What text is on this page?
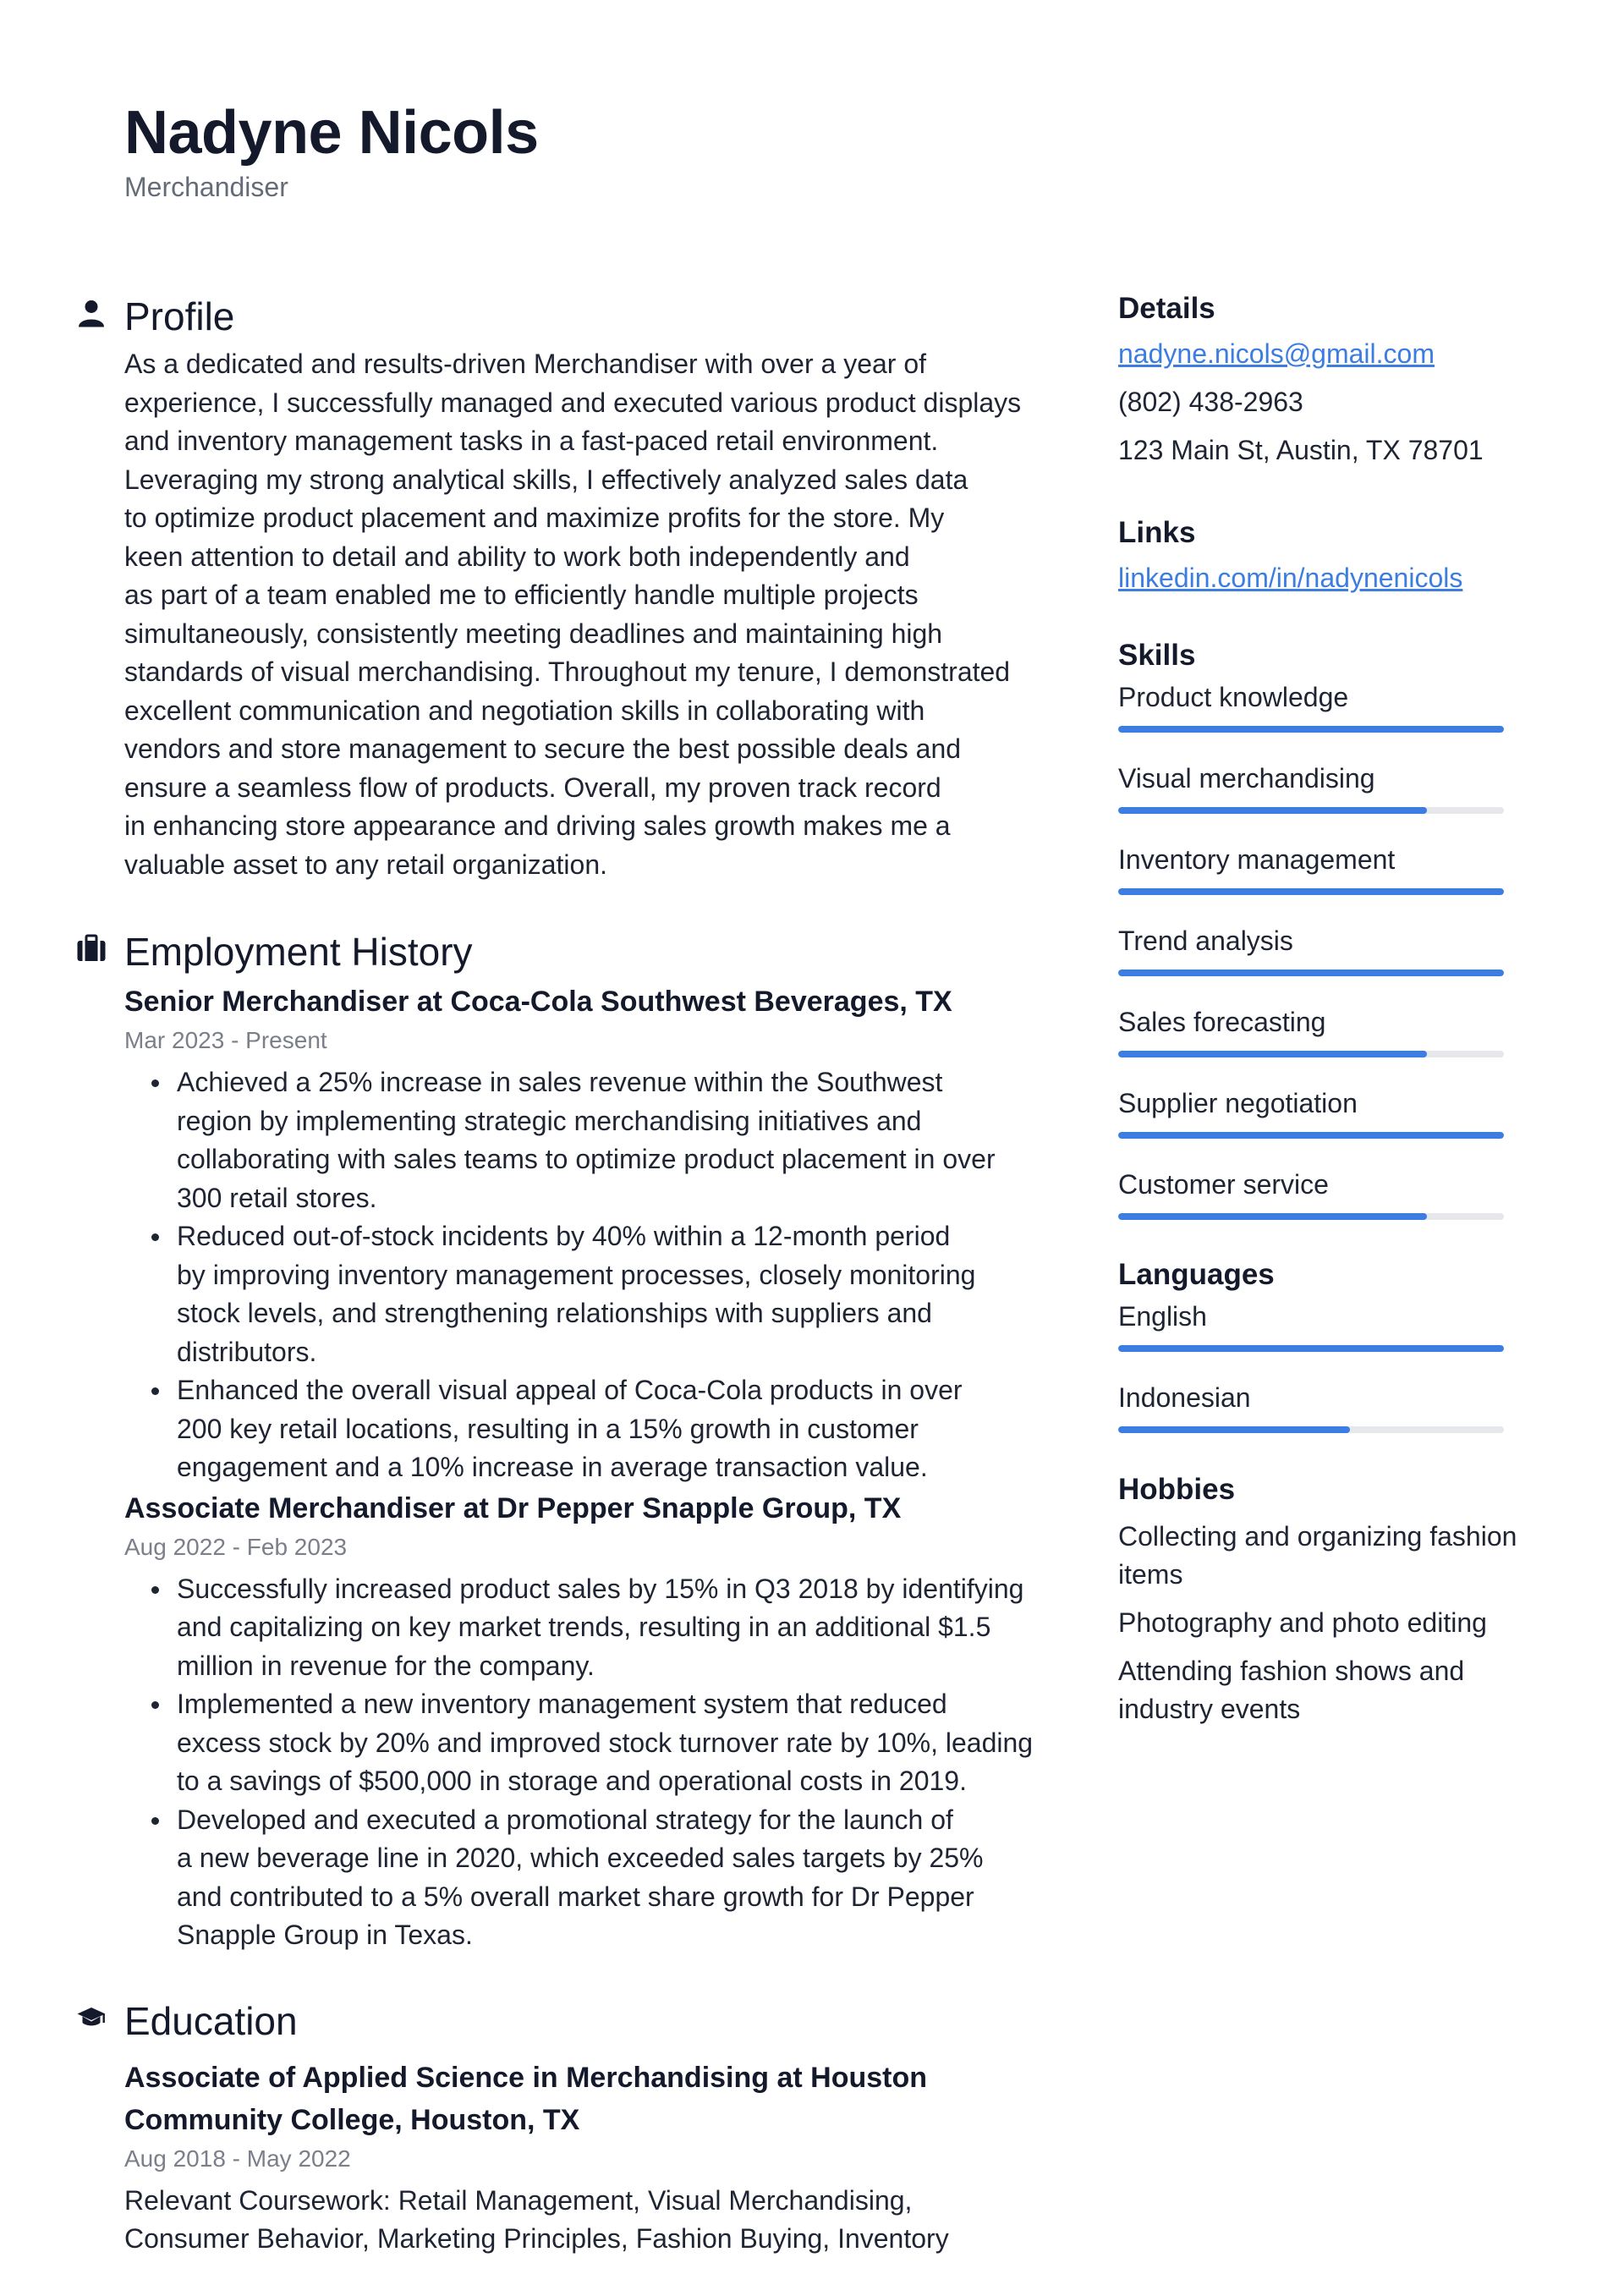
Nadyne Nicols
Merchandiser
Profile
As a dedicated and results-driven Merchandiser with over a year of
experience, I successfully managed and executed various product displays
and inventory management tasks in a fast-paced retail environment.
Leveraging my strong analytical skills, I effectively analyzed sales data
to optimize product placement and maximize profits for the store. My
keen attention to detail and ability to work both independently and
as part of a team enabled me to efficiently handle multiple projects
simultaneously, consistently meeting deadlines and maintaining high
standards of visual merchandising. Throughout my tenure, I demonstrated
excellent communication and negotiation skills in collaborating with
vendors and store management to secure the best possible deals and
ensure a seamless flow of products. Overall, my proven track record
in enhancing store appearance and driving sales growth makes me a
valuable asset to any retail organization.
Employment History
Senior Merchandiser at Coca-Cola Southwest Beverages, TX
Mar 2023 - Present
Achieved a 25% increase in sales revenue within the Southwest
region by implementing strategic merchandising initiatives and
collaborating with sales teams to optimize product placement in over
300 retail stores.
Reduced out-of-stock incidents by 40% within a 12-month period
by improving inventory management processes, closely monitoring
stock levels, and strengthening relationships with suppliers and
distributors.
Enhanced the overall visual appeal of Coca-Cola products in over
200 key retail locations, resulting in a 15% growth in customer
engagement and a 10% increase in average transaction value.
Associate Merchandiser at Dr Pepper Snapple Group, TX
Aug 2022 - Feb 2023
Successfully increased product sales by 15% in Q3 2018 by identifying
and capitalizing on key market trends, resulting in an additional $1.5
million in revenue for the company.
Implemented a new inventory management system that reduced
excess stock by 20% and improved stock turnover rate by 10%, leading
to a savings of $500,000 in storage and operational costs in 2019.
Developed and executed a promotional strategy for the launch of
a new beverage line in 2020, which exceeded sales targets by 25%
and contributed to a 5% overall market share growth for Dr Pepper
Snapple Group in Texas.
Education
Associate of Applied Science in Merchandising at Houston
Community College, Houston, TX
Aug 2018 - May 2022
Relevant Coursework: Retail Management, Visual Merchandising,
Consumer Behavior, Marketing Principles, Fashion Buying, Inventory
Details
nadyne.nicols@gmail.com
(802) 438-2963
123 Main St, Austin, TX 78701
Links
linkedin.com/in/nadynenicols
Skills
Product knowledge
Visual merchandising
Inventory management
Trend analysis
Sales forecasting
Supplier negotiation
Customer service
Languages
English
Indonesian
Hobbies
Collecting and organizing fashion
items
Photography and photo editing
Attending fashion shows and
industry events
